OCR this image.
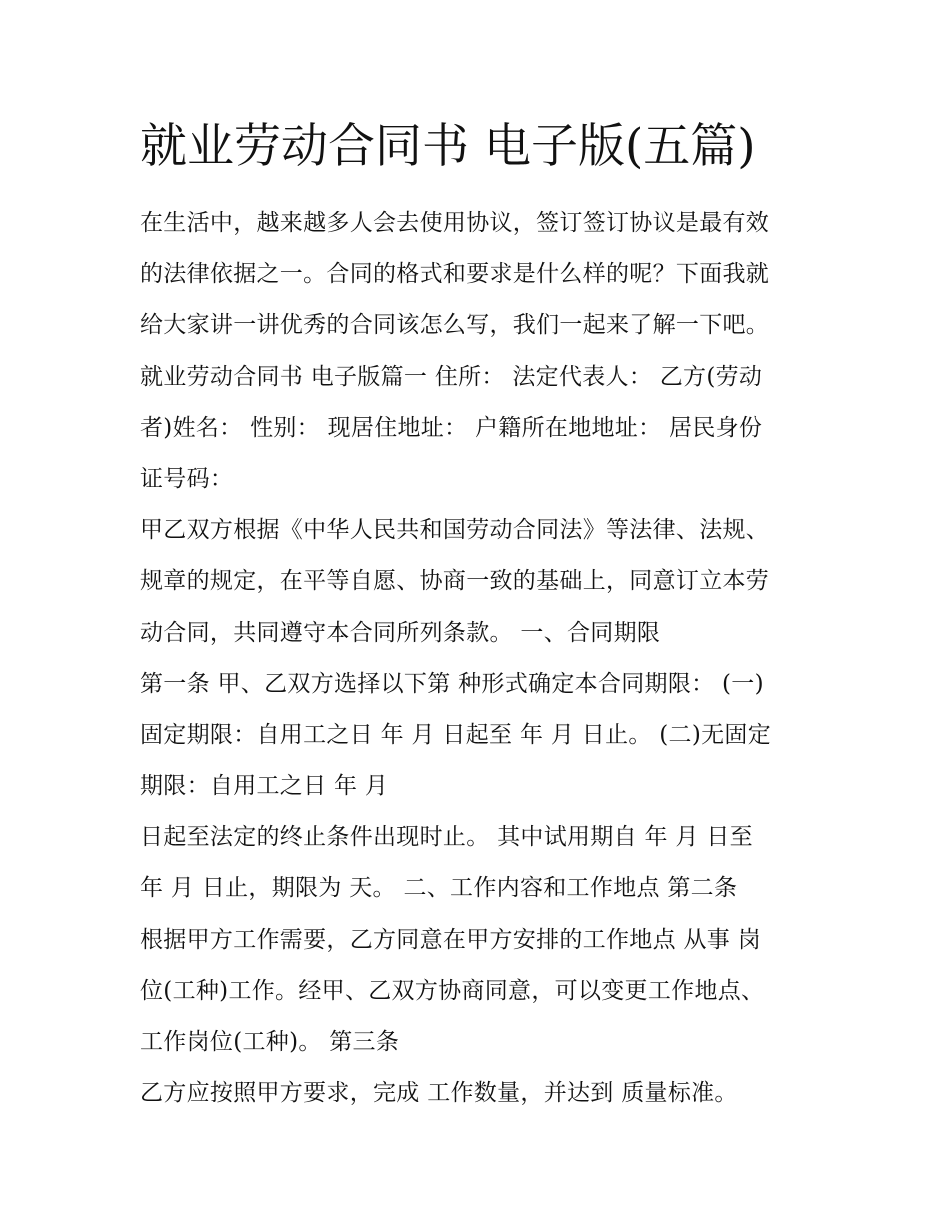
就业劳动合同书 电子版(五篇)

在生活中，越来越多人会去使用协议，签订签订协议是最有效

的法律依据之一。合同的格式和要求是什么样的呢？下面我就

给大家讲一讲优秀的合同该怎么写，我们一起来了解一下吧。

就业劳动合同书 电子版篇一 住所： 法定代表人： 乙方(劳动

者)姓名： 性别： 现居住地址： 户籍所在地地址： 居民身份

证号码：

甲乙双方根据《中华人民共和国劳动合同法》等法律、法规、

规章的规定，在平等自愿、协商一致的基础上，同意订立本劳

动合同，共同遵守本合同所列条款。 一、合同期限

第一条 甲、乙双方选择以下第 种形式确定本合同期限： (一)

固定期限：自用工之日 年 月 日起至 年 月 日止。 (二)无固定

期限：自用工之日 年 月

日起至法定的终止条件出现时止。 其中试用期自 年 月 日至

年 月 日止，期限为 天。 二、工作内容和工作地点 第二条

根据甲方工作需要，乙方同意在甲方安排的工作地点 从事 岗

位(工种)工作。经甲、乙双方协商同意，可以变更工作地点、

工作岗位(工种)。 第三条

乙方应按照甲方要求，完成 工作数量，并达到 质量标准。
